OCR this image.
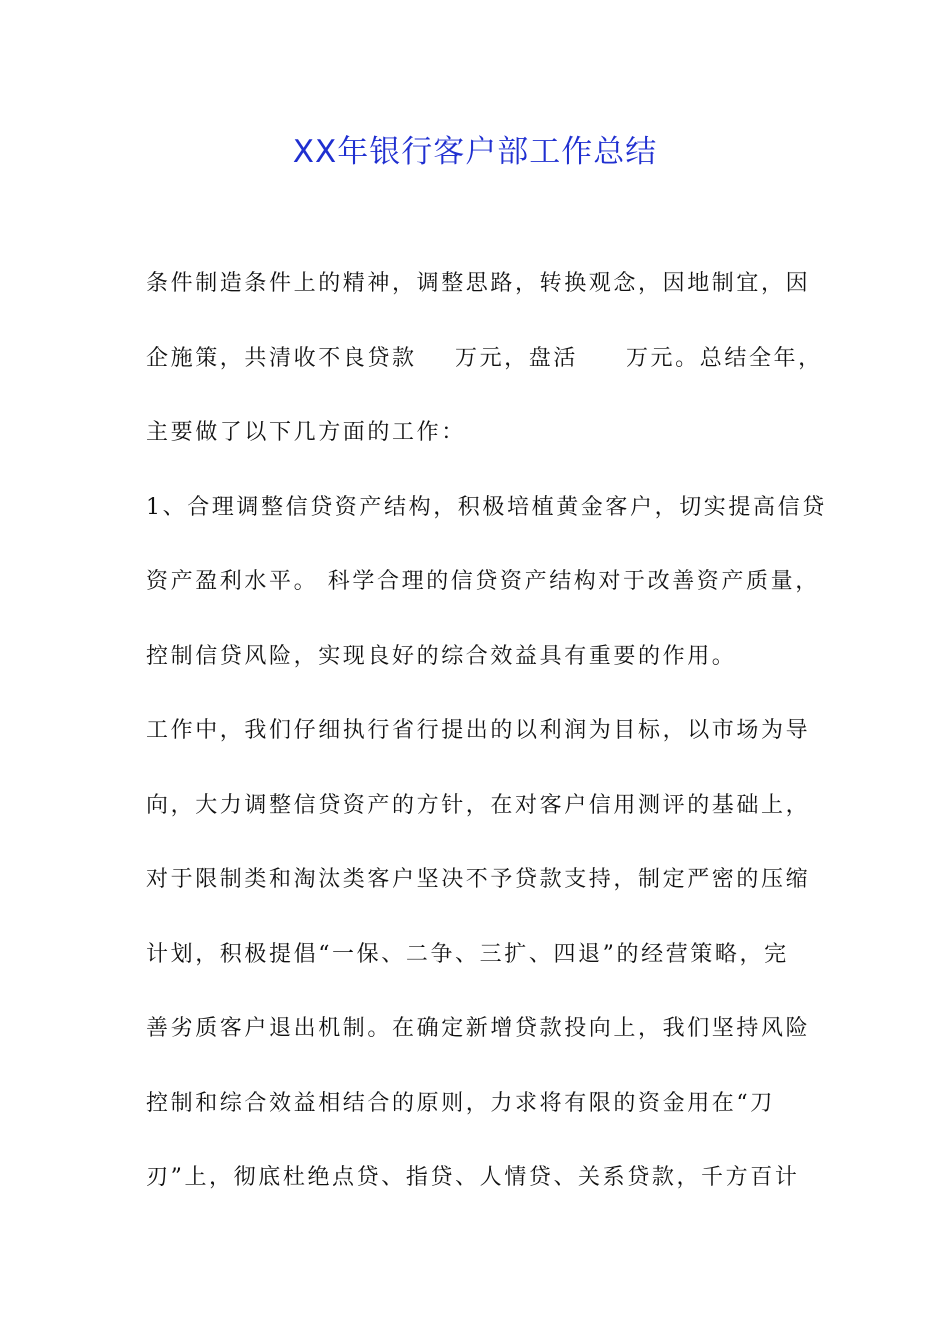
XX年银行客户部工作总结
条件制造条件上的精神，调整思路，转换观念，因地制宜，因
企施策，共清收不良贷款    万元，盘活     万元。总结全年，
主要做了以下几方面的工作：
1、合理调整信贷资产结构，积极培植黄金客户，切实提高信贷
资产盈利水平。 科学合理的信贷资产结构对于改善资产质量，
控制信贷风险，实现良好的综合效益具有重要的作用。
工作中，我们仔细执行省行提出的以利润为目标，以市场为导
向，大力调整信贷资产的方针，在对客户信用测评的基础上，
对于限制类和淘汰类客户坚决不予贷款支持，制定严密的压缩
计划，积极提倡“一保、二争、三扩、四退”的经营策略，完
善劣质客户退出机制。在确定新增贷款投向上，我们坚持风险
控制和综合效益相结合的原则，力求将有限的资金用在“刀
刃”上，彻底杜绝点贷、指贷、人情贷、关系贷款，千方百计
